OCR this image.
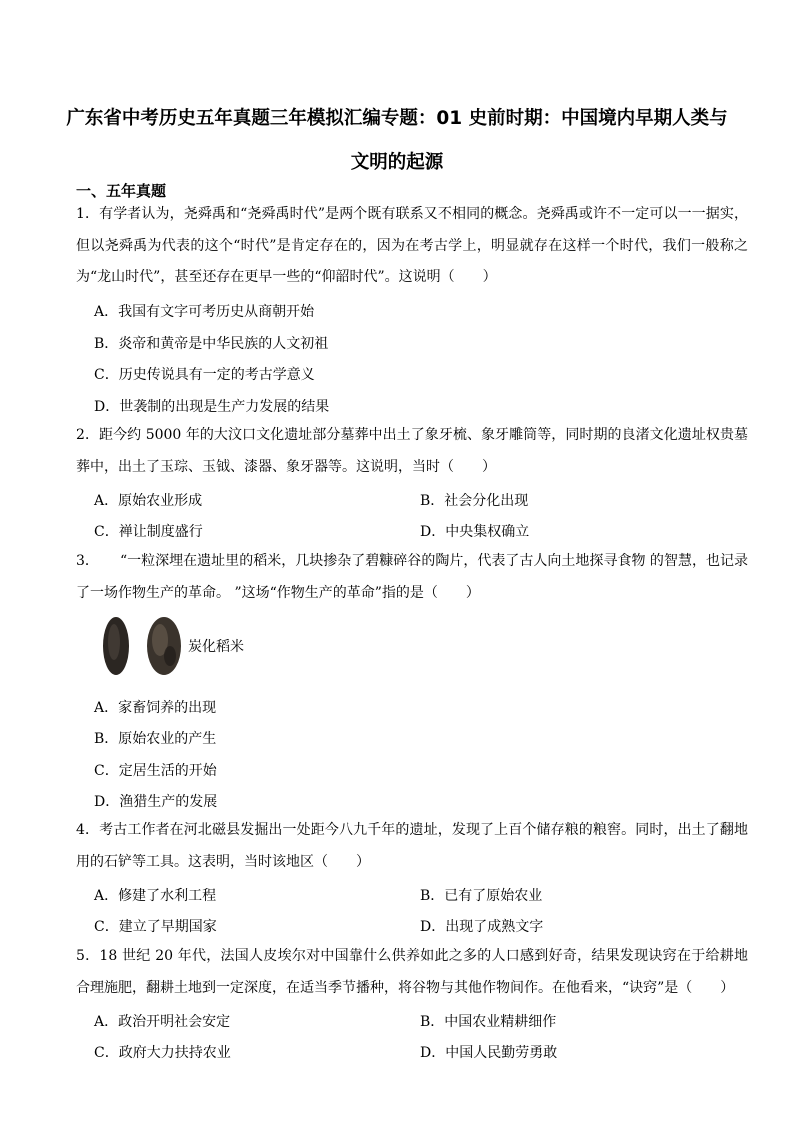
广东省中考历史五年真题三年模拟汇编专题：01 史前时期：中国境内早期人类与
文明的起源
一、五年真题
1．有学者认为，尧舜禹和“尧舜禹时代”是两个既有联系又不相同的概念。尧舜禹或许不一定可以一一据实，但以尧舜禹为代表的这个“时代”是肯定存在的，因为在考古学上，明显就存在这样一个时代，我们一般称之为“龙山时代”，甚至还存在更早一些的“仰韶时代”。这说明（　　）
A．我国有文字可考历史从商朝开始
B．炎帝和黄帝是中华民族的人文初祖
C．历史传说具有一定的考古学意义
D．世袭制的出现是生产力发展的结果
2．距今约 5000 年的大汶口文化遗址部分墓葬中出土了象牙梳、象牙雕筒等，同时期的良渚文化遗址权贵墓葬中，出土了玉琮、玉钺、漆器、象牙器等。这说明，当时（　　）
A．原始农业形成	B．社会分化出现
C．禅让制度盛行	D．中央集权确立
3．　　“一粒深埋在遗址里的稻米，几块掺杂了碧糠碎谷的陶片，代表了古人向土地探寻食物 的智慧，也记录了一场作物生产的革命。 ”这场“作物生产的革命”指的是（　　）
炭化稻米
A．家畜饲养的出现
B．原始农业的产生
C．定居生活的开始
D．渔猎生产的发展
4．考古工作者在河北磁县发掘出一处距今八九千年的遗址，发现了上百个储存粮的粮窖。同时，出土了翻地用的石铲等工具。这表明，当时该地区（　　）
A．修建了水利工程	B．已有了原始农业
C．建立了早期国家	D．出现了成熟文字
5．18 世纪 20 年代，法国人皮埃尔对中国靠什么供养如此之多的人口感到好奇，结果发现诀窍在于给耕地合理施肥，翻耕土地到一定深度，在适当季节播种，将谷物与其他作物间作。在他看来，“诀窍”是（　　）
A．政治开明社会安定	B．中国农业精耕细作
C．政府大力扶持农业	D．中国人民勤劳勇敢
